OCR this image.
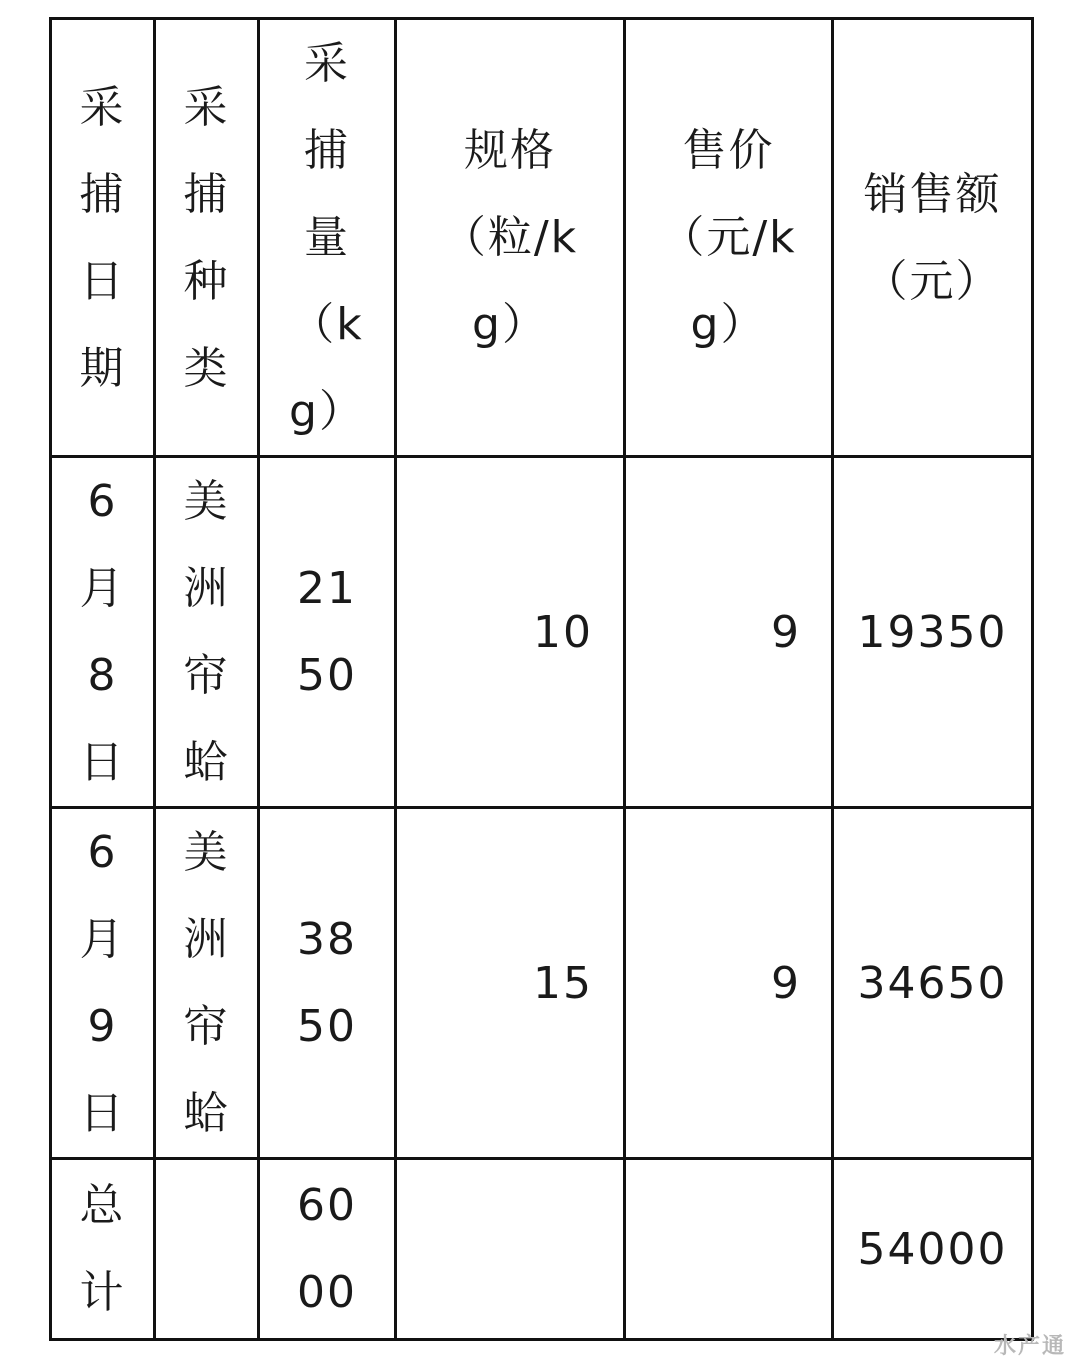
采捕日期	采捕种类	采捕量（kg）	规格（粒/kg）	售价（元/kg）	销售额（元）

6月8日	美洲帘蛤	2150	10	9	19350

6月9日	美洲帘蛤	3850	15	9	34650

总计		6000			54000
水产通
